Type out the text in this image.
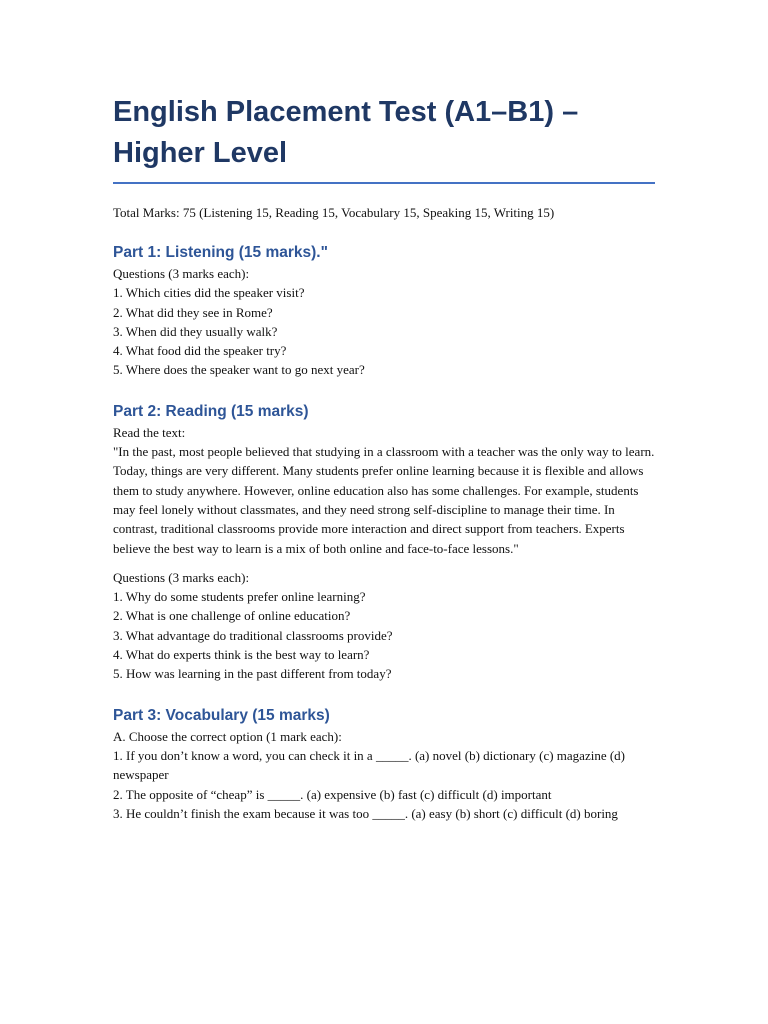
English Placement Test (A1–B1) – Higher Level
Total Marks: 75 (Listening 15, Reading 15, Vocabulary 15, Speaking 15, Writing 15)
Part 1: Listening (15 marks)."
Questions (3 marks each):
1. Which cities did the speaker visit?
2. What did they see in Rome?
3. When did they usually walk?
4. What food did the speaker try?
5. Where does the speaker want to go next year?
Part 2: Reading (15 marks)
Read the text:
"In the past, most people believed that studying in a classroom with a teacher was the only way to learn. Today, things are very different. Many students prefer online learning because it is flexible and allows them to study anywhere. However, online education also has some challenges. For example, students may feel lonely without classmates, and they need strong self-discipline to manage their time. In contrast, traditional classrooms provide more interaction and direct support from teachers. Experts believe the best way to learn is a mix of both online and face-to-face lessons."
Questions (3 marks each):
1. Why do some students prefer online learning?
2. What is one challenge of online education?
3. What advantage do traditional classrooms provide?
4. What do experts think is the best way to learn?
5. How was learning in the past different from today?
Part 3: Vocabulary (15 marks)
A. Choose the correct option (1 mark each):
1. If you don’t know a word, you can check it in a _____. (a) novel (b) dictionary (c) magazine (d) newspaper
2. The opposite of “cheap” is _____. (a) expensive (b) fast (c) difficult (d) important
3. He couldn’t finish the exam because it was too _____. (a) easy (b) short (c) difficult (d) boring
